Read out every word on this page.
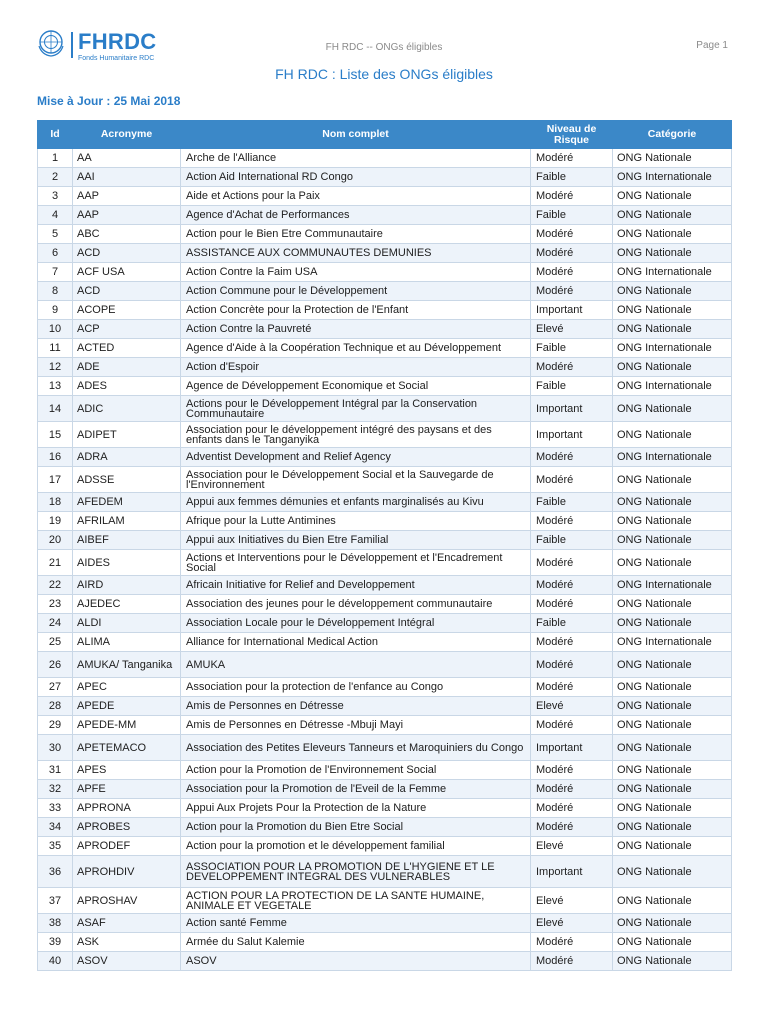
FHRDC
Fonds Humanitaire RDC
FH RDC -- ONGs éligibles	Page 1
FH RDC : Liste des ONGs éligibles
Mise à Jour : 25 Mai 2018
Id	Acronyme	Nom complet	Niveau de Risque	Catégorie
1	AA	Arche de l'Alliance	Modéré	ONG Nationale
2	AAI	Action Aid International RD Congo	Faible	ONG Internationale
3	AAP	Aide et Actions pour la Paix	Modéré	ONG Nationale
4	AAP	Agence d'Achat de Performances	Faible	ONG Nationale
5	ABC	Action pour le Bien Etre Communautaire	Modéré	ONG Nationale
6	ACD	ASSISTANCE AUX COMMUNAUTES DEMUNIES	Modéré	ONG Nationale
7	ACF USA	Action Contre la Faim USA	Modéré	ONG Internationale
8	ACD	Action Commune pour le Développement	Modéré	ONG Nationale
9	ACOPE	Action Concrète pour la Protection de l'Enfant	Important	ONG Nationale
10	ACP	Action Contre la Pauvreté	Elevé	ONG Nationale
11	ACTED	Agence d'Aide à la Coopération Technique et au Développement	Faible	ONG Internationale
12	ADE	Action d'Espoir	Modéré	ONG Nationale
13	ADES	Agence de Développement Economique et Social	Faible	ONG Internationale
14	ADIC	Actions pour le Développement Intégral par la Conservation Communautaire	Important	ONG Nationale
15	ADIPET	Association pour le développement intégré des paysans et des enfants dans le Tanganyika	Important	ONG Nationale
16	ADRA	Adventist Development and Relief Agency	Modéré	ONG Internationale
17	ADSSE	Association pour le Développement Social et la Sauvegarde de l'Environnement	Modéré	ONG Nationale
18	AFEDEM	Appui aux femmes démunies et enfants marginalisés au Kivu	Faible	ONG Nationale
19	AFRILAM	Afrique pour la Lutte Antimines	Modéré	ONG Nationale
20	AIBEF	Appui aux Initiatives du Bien Etre Familial	Faible	ONG Nationale
21	AIDES	Actions et Interventions pour le Développement et l'Encadrement Social	Modéré	ONG Nationale
22	AIRD	Africain Initiative for Relief and Developpement	Modéré	ONG Internationale
23	AJEDEC	Association des jeunes pour le développement communautaire	Modéré	ONG Nationale
24	ALDI	Association Locale pour le Développement Intégral	Faible	ONG Nationale
25	ALIMA	Alliance for International Medical Action	Modéré	ONG Internationale
26	AMUKA/ Tanganika	AMUKA	Modéré	ONG Nationale
27	APEC	Association pour la protection de l'enfance au Congo	Modéré	ONG Nationale
28	APEDE	Amis de Personnes en Détresse	Elevé	ONG Nationale
29	APEDE-MM	Amis de Personnes en Détresse -Mbuji Mayi	Modéré	ONG Nationale
30	APETEMACO	Association des Petites Eleveurs Tanneurs et Maroquiniers du Congo	Important	ONG Nationale
31	APES	Action pour la Promotion de l'Environnement Social	Modéré	ONG Nationale
32	APFE	Association pour la Promotion de l'Eveil de la Femme	Modéré	ONG Nationale
33	APPRONA	Appui Aux Projets Pour la Protection de la Nature	Modéré	ONG Nationale
34	APROBES	Action pour la Promotion du Bien Etre Social	Modéré	ONG Nationale
35	APRODEF	Action pour la promotion et le développement familial	Elevé	ONG Nationale
36	APROHDIV	ASSOCIATION POUR LA PROMOTION DE L'HYGIENE ET LE DEVELOPPEMENT INTEGRAL DES VULNERABLES	Important	ONG Nationale
37	APROSHAV	ACTION POUR LA PROTECTION DE LA SANTE HUMAINE, ANIMALE ET VEGETALE	Elevé	ONG Nationale
38	ASAF	Action santé Femme	Elevé	ONG Nationale
39	ASK	Armée du Salut Kalemie	Modéré	ONG Nationale
40	ASOV	ASOV	Modéré	ONG Nationale
